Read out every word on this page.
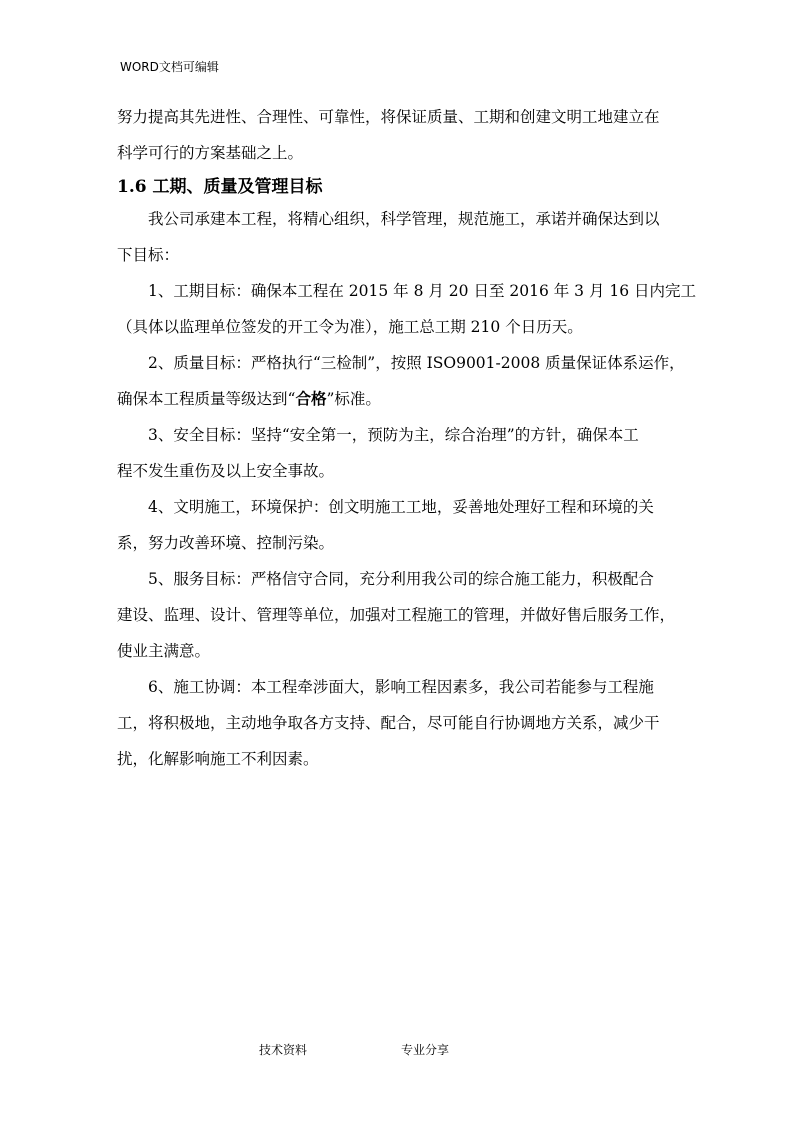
WORD文档可编辑
努力提高其先进性、合理性、可靠性，将保证质量、工期和创建文明工地建立在
科学可行的方案基础之上。
1.6 工期、质量及管理目标
我公司承建本工程，将精心组织，科学管理，规范施工，承诺并确保达到以
下目标：
1、工期目标：确保本工程在 2015 年 8 月 20 日至 2016 年 3 月 16 日内完工
（具体以监理单位签发的开工令为准），施工总工期 210 个日历天。
2、质量目标：严格执行“三检制”，按照 ISO9001-2008 质量保证体系运作，
确保本工程质量等级达到“合格”标准。
3、安全目标：坚持“安全第一，预防为主，综合治理”的方针，确保本工
程不发生重伤及以上安全事故。
4、文明施工，环境保护：创文明施工工地，妥善地处理好工程和环境的关
系，努力改善环境、控制污染。
5、服务目标：严格信守合同，充分利用我公司的综合施工能力，积极配合
建设、监理、设计、管理等单位，加强对工程施工的管理，并做好售后服务工作，
使业主满意。
6、施工协调：本工程牵涉面大，影响工程因素多，我公司若能参与工程施
工，将积极地，主动地争取各方支持、配合，尽可能自行协调地方关系，减少干
扰，化解影响施工不利因素。
技术资料	专业分享
